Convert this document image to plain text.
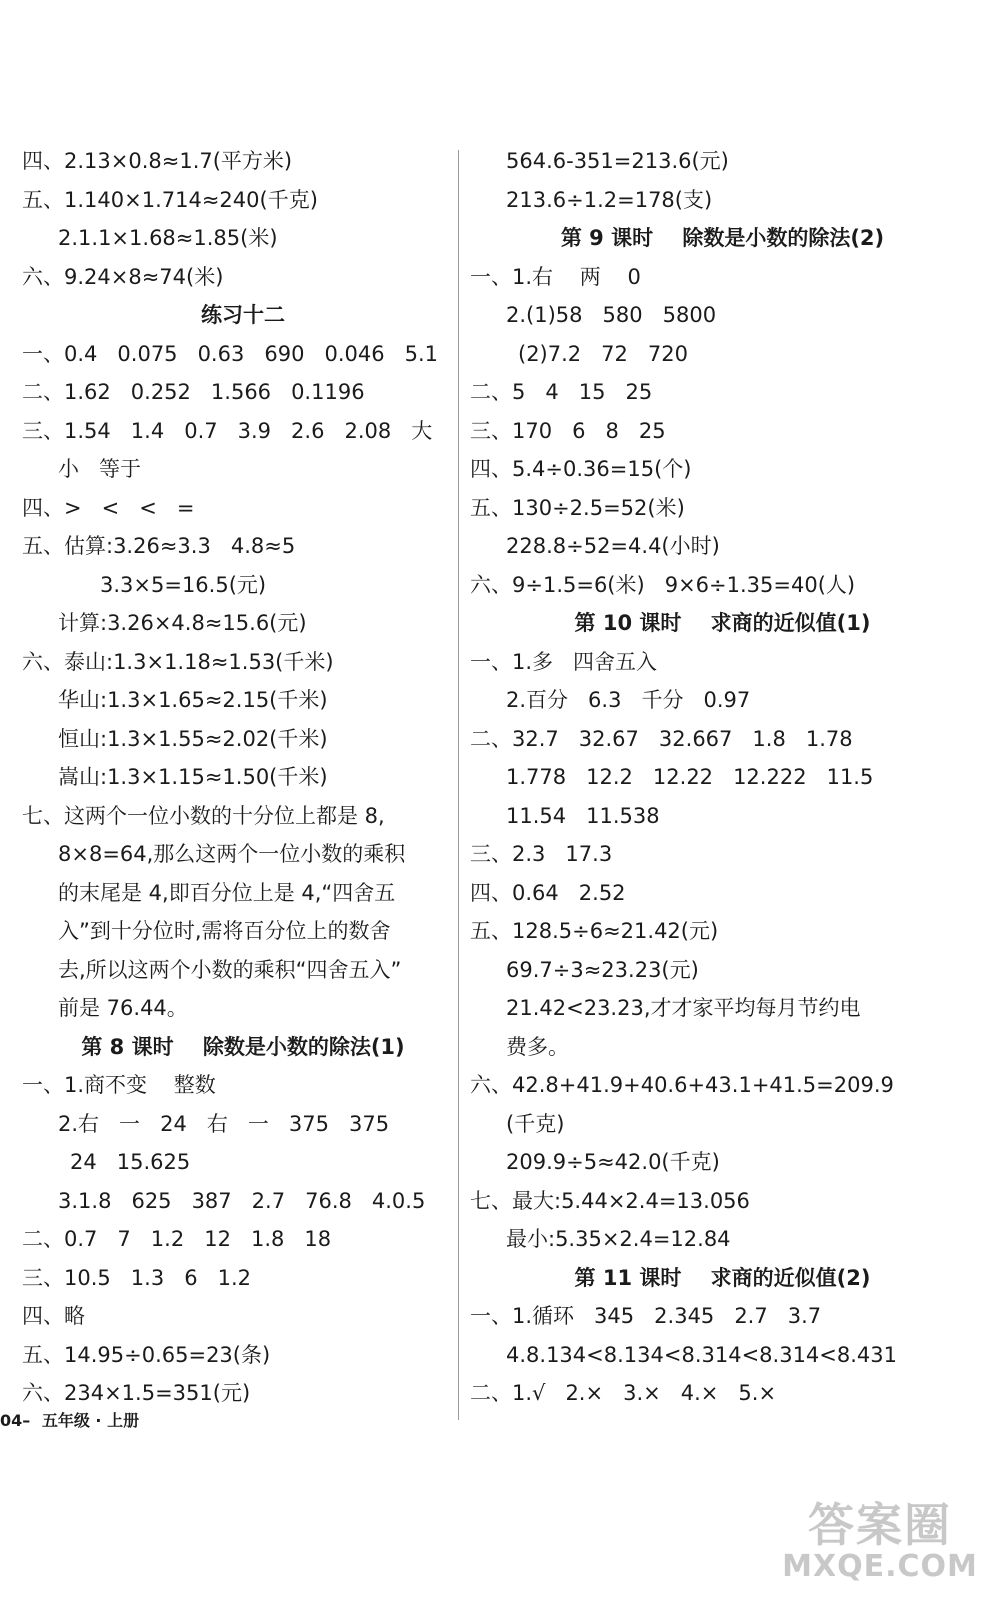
四、2.13×0.8≈1.7(平方米)
五、1.140×1.714≈240(千克)
2.1.1×1.68≈1.85(米)
六、9.24×8≈74(米)
练习十二
一、0.4   0.075   0.63   690   0.046   5.1
二、1.62   0.252   1.566   0.1196
三、1.54   1.4   0.7   3.9   2.6   2.08   大
小   等于
四、>   <   <   =
五、估算:3.26≈3.3   4.8≈5
3.3×5=16.5(元)
计算:3.26×4.8≈15.6(元)
六、泰山:1.3×1.18≈1.53(千米)
华山:1.3×1.65≈2.15(千米)
恒山:1.3×1.55≈2.02(千米)
嵩山:1.3×1.15≈1.50(千米)
七、这两个一位小数的十分位上都是 8,
8×8=64,那么这两个一位小数的乘积
的末尾是 4,即百分位上是 4,“四舍五
入”到十分位时,需将百分位上的数舍
去,所以这两个小数的乘积“四舍五入”
前是 76.44。
第 8 课时    除数是小数的除法(1)
一、1.商不变    整数
2.右   一   24   右   一   375   375
24   15.625
3.1.8   625   387   2.7   76.8   4.0.5
二、0.7   7   1.2   12   1.8   18
三、10.5   1.3   6   1.2
四、略
五、14.95÷0.65=23(条)
六、234×1.5=351(元)
564.6-351=213.6(元)
213.6÷1.2=178(支)
第 9 课时    除数是小数的除法(2)
一、1.右    两    0
2.(1)58   580   5800
(2)7.2   72   720
二、5   4   15   25
三、170   6   8   25
四、5.4÷0.36=15(个)
五、130÷2.5=52(米)
228.8÷52=4.4(小时)
六、9÷1.5=6(米)   9×6÷1.35=40(人)
第 10 课时    求商的近似值(1)
一、1.多   四舍五入
2.百分   6.3   千分   0.97
二、32.7   32.67   32.667   1.8   1.78
1.778   12.2   12.22   12.222   11.5
11.54   11.538
三、2.3   17.3
四、0.64   2.52
五、128.5÷6≈21.42(元)
69.7÷3≈23.23(元)
21.42<23.23,才才家平均每月节约电
费多。
六、42.8+41.9+40.6+43.1+41.5=209.9
(千克)
209.9÷5≈42.0(千克)
七、最大:5.44×2.4=13.056
最小:5.35×2.4=12.84
第 11 课时    求商的近似值(2)
一、1.循环   345   2.345   2.7   3.7
4.8.134<8.134<8.314<8.314<8.431
二、1.√   2.×   3.×   4.×   5.×
04– 五年级 · 上册
答案圈
MXQE.COM
